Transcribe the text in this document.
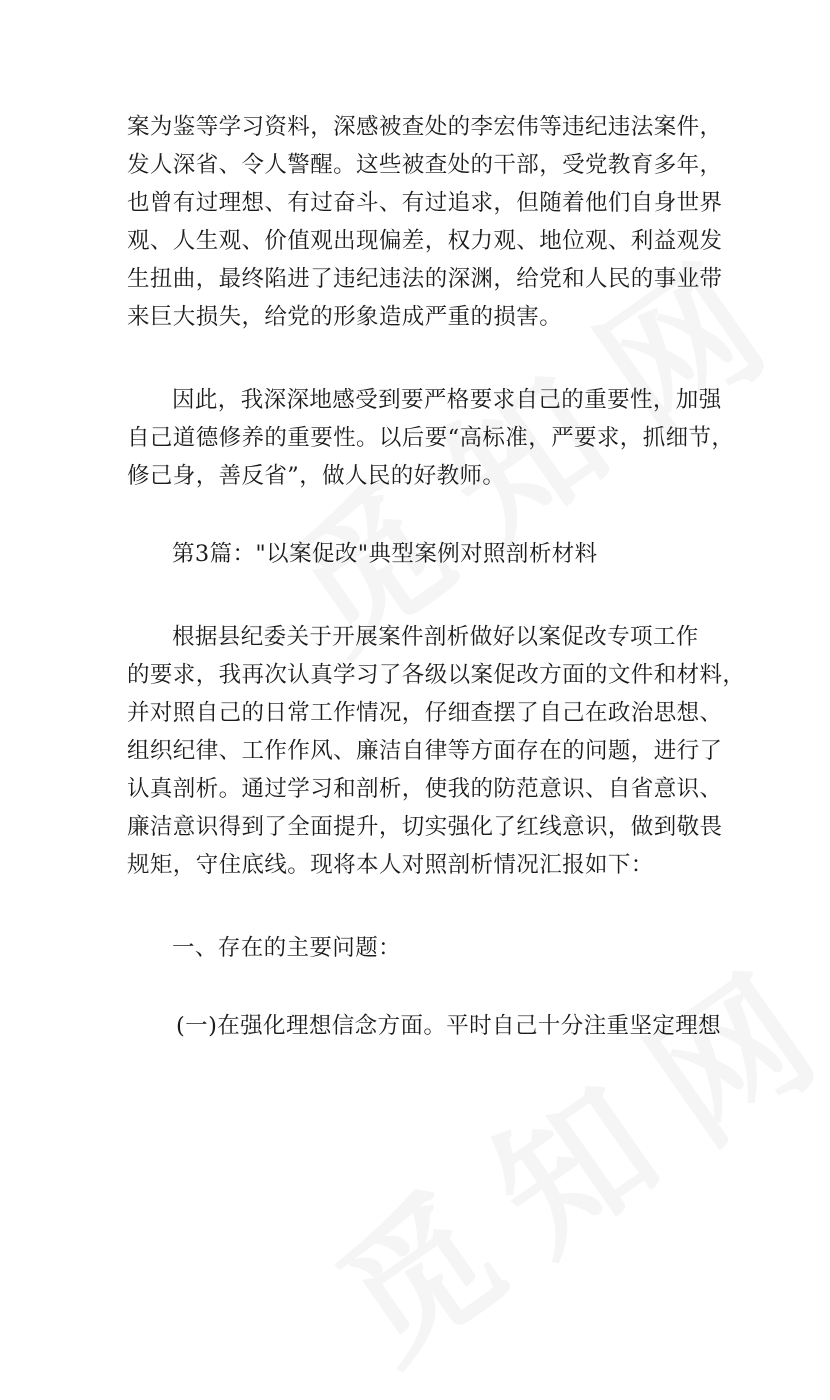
案为鉴等学习资料，深感被查处的李宏伟等违纪违法案件，
发人深省、令人警醒。这些被查处的干部，受党教育多年，
也曾有过理想、有过奋斗、有过追求，但随着他们自身世界
观、人生观、价值观出现偏差，权力观、地位观、利益观发
生扭曲，最终陷进了违纪违法的深渊，给党和人民的事业带
来巨大损失，给党的形象造成严重的损害。
因此，我深深地感受到要严格要求自己的重要性，加强
自己道德修养的重要性。以后要“高标准，严要求，抓细节，
修己身，善反省”，做人民的好教师。
第3篇："以案促改"典型案例对照剖析材料
根据县纪委关于开展案件剖析做好以案促改专项工作
的要求，我再次认真学习了各级以案促改方面的文件和材料，
并对照自己的日常工作情况，仔细查摆了自己在政治思想、
组织纪律、工作作风、廉洁自律等方面存在的问题，进行了
认真剖析。通过学习和剖析，使我的防范意识、自省意识、
廉洁意识得到了全面提升，切实强化了红线意识，做到敬畏
规矩，守住底线。现将本人对照剖析情况汇报如下：
一、存在的主要问题：
(一)在强化理想信念方面。平时自己十分注重坚定理想
